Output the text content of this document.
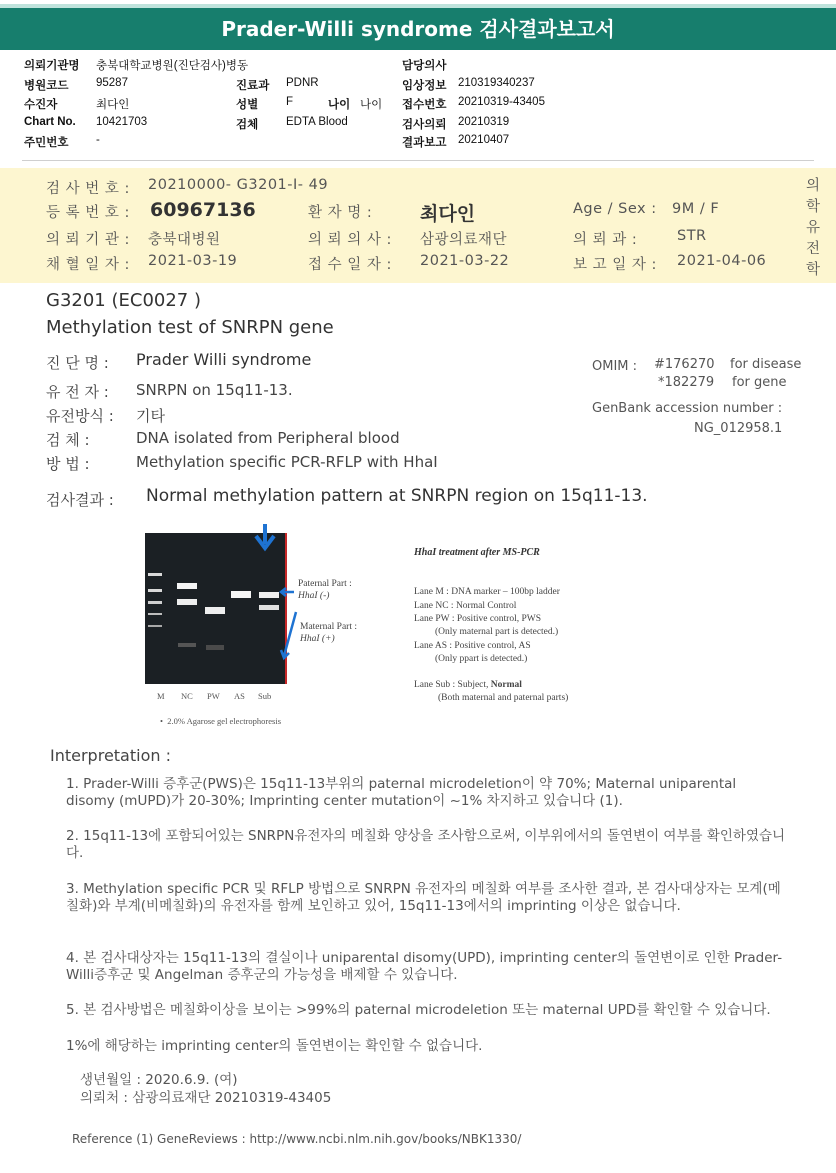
Prader-Willi syndrome 검사결과보고서
의뢰기관명 충북대학교병원(진단검사)병동
병원코드 95287
수진자	최다인
Chart No. 10421703
주민번호 -
진료과 PDNR
성별 F	나이 나이
검체 EDTA Blood
담당의사
임상정보 210319340237
접수번호 20210319-43405
검사의뢰 20210319
결과보고 20210407
검 사 번 호 : 20210000- G3201-I- 49
등 록 번 호 : 60967136	환 자 명 :	최다인	Age / Sex : 9M / F
의 뢰 기 관 : 충북대병원	의 뢰 의 사 : 삼광의료재단	의 뢰 과 :	STR
채 혈 일 자 : 2021-03-19	접 수 일 자 : 2021-03-22	보 고 일 자 : 2021-04-06
의
학
유
전
학
G3201 (EC0027 )
Methylation test of SNRPN gene
진 단 명 : Prader Willi syndrome
유 전 자 : SNRPN on 15q11-13.
유전방식 : 기타
검 체 :	DNA isolated from Peripheral blood
방 법 :	Methylation specific PCR-RFLP with HhaI
OMIM : #176270 for disease
*182279 for gene
GenBank accession number :
NG_012958.1
검사결과 : Normal methylation pattern at SNRPN region on 15q11-13.
Paternal Part :
HhaI (-)
Maternal Part :
HhaI (+)
M NC PW AS Sub
•  2.0% Agarose gel electrophoresis
HhaI treatment after MS-PCR
Lane M : DNA marker – 100bp ladder
Lane NC : Normal Control
Lane PW : Positive control, PWS
(Only maternal part is detected.)
Lane AS : Positive control, AS
(Only ppart is detected.)
Lane Sub : Subject, Normal
(Both maternal and paternal parts)
Interpretation :
1. Prader-Willi 증후군(PWS)은 15q11-13부위의 paternal microdeletion이 약 70%; Maternal uniparental disomy (mUPD)가 20-30%; Imprinting center mutation이 ~1% 차지하고 있습니다 (1).
2. 15q11-13에 포함되어있는 SNRPN유전자의 메칠화 양상을 조사함으로써, 이부위에서의 돌연변이 여부를 확인하였습니다.
3. Methylation specific PCR 및 RFLP 방법으로 SNRPN 유전자의 메칠화 여부를 조사한 결과, 본 검사대상자는 모계(메칠화)와 부계(비메칠화)의 유전자를 함께 보인하고 있어, 15q11-13에서의 imprinting 이상은 없습니다.
4. 본 검사대상자는 15q11-13의 결실이나 uniparental disomy(UPD), imprinting center의 돌연변이로 인한 Prader-Willi증후군 및 Angelman 증후군의 가능성을 배제할 수 있습니다.
5. 본 검사방법은 메칠화이상을 보이는 >99%의 paternal microdeletion 또는 maternal UPD를 확인할 수 있습니다.
1%에 해당하는 imprinting center의 돌연변이는 확인할 수 없습니다.
생년월일 : 2020.6.9. (여)
의뢰처 : 삼광의료재단 20210319-43405
Reference (1) GeneReviews : http://www.ncbi.nlm.nih.gov/books/NBK1330/
